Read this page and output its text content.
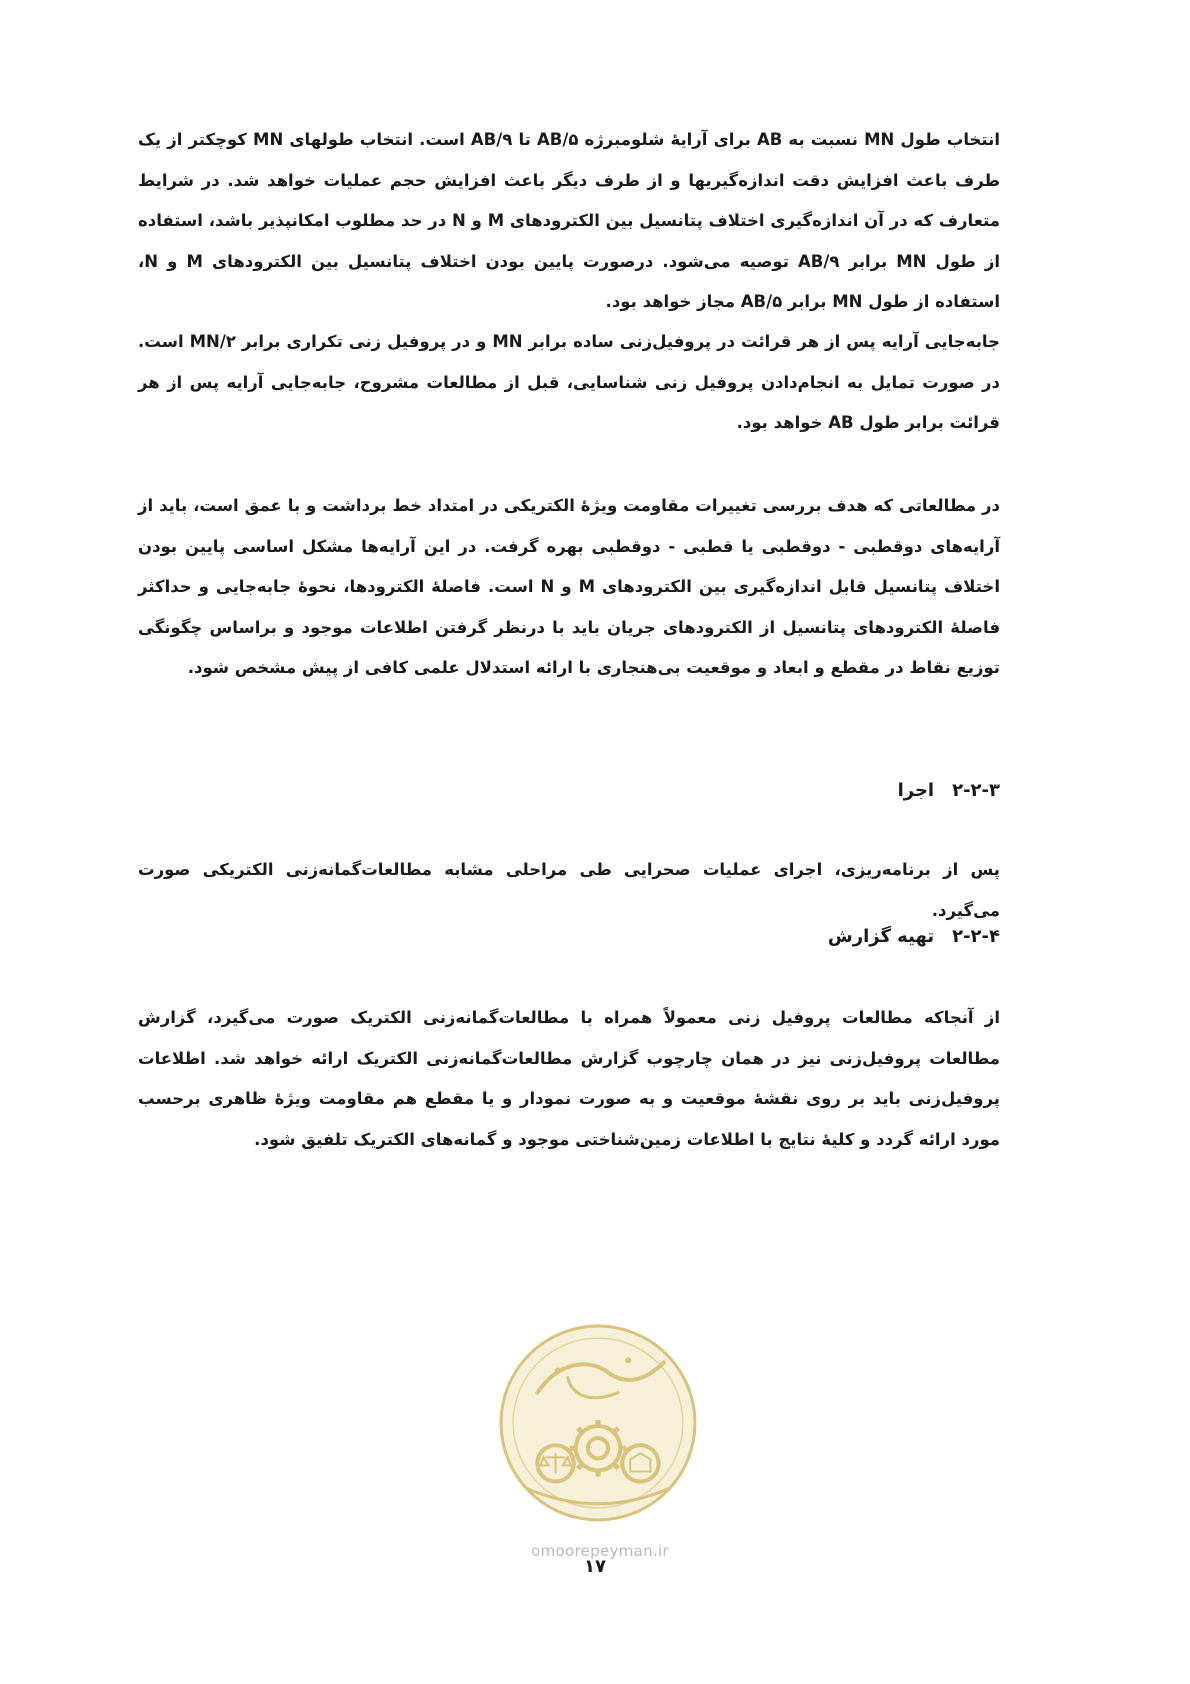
انتخاب طول MN نسبت به AB برای آرایهٔ شلومبرژه AB/۵ تا AB/۹ است. انتخاب طولهای MN کوچکتر از یک طرف باعث افزایش دقت اندازه‌گیریها و از طرف دیگر باعث افزایش حجم عملیات خواهد شد. در شرایط متعارف که در آن اندازه‌گیری اختلاف پتانسیل بین الکترودهای M و N در حد مطلوب امکانپذیر باشد، استفاده از طول MN برابر AB/۹ توصیه می‌شود. درصورت پایین بودن اختلاف پتانسیل بین الکترودهای M و N، استفاده از طول MN برابر AB/۵ مجاز خواهد بود.

جابه‌جایی آرایه پس از هر قرائت در پروفیل‌زنی ساده برابر MN و در پروفیل زنی تکراری برابر MN/۲ است. در صورت تمایل به انجام‌دادن پروفیل زنی شناسایی، قبل از مطالعات مشروح، جابه‌جایی آرایه پس از هر قرائت برابر طول AB خواهد بود.

در مطالعاتی که هدف بررسی تغییرات مقاومت ویژهٔ الکتریکی در امتداد خط برداشت و با عمق است، باید از آرایه‌های دوقطبی - دوقطبی یا قطبی - دوقطبی بهره گرفت. در این آرایه‌ها مشکل اساسی پایین بودن اختلاف پتانسیل قابل اندازه‌گیری بین الکترودهای M و N است. فاصلهٔ الکترودها، نحوهٔ جابه‌جایی و حداکثر فاصلهٔ الکترودهای پتانسیل از الکترودهای جریان باید با درنظر گرفتن اطلاعات موجود و براساس چگونگی توزیع نقاط در مقطع و ابعاد و موقعیت بی‌هنجاری با ارائه استدلال علمی کافی از پیش مشخص شود.

۲-۲-۳اجرا

پس از برنامه‌ریزی، اجرای عملیات صحرایی طی مراحلی مشابه مطالعات‌گمانه‌زنی الکتریکی صورت می‌گیرد.

۲-۲-۴تهیه گزارش

از آنجاکه مطالعات پروفیل زنی معمولاً همراه با مطالعات‌گمانه‌زنی الکتریک صورت می‌گیرد، گزارش مطالعات پروفیل‌زنی نیز در همان چارچوب گزارش مطالعات‌گمانه‌زنی الکتریک ارائه خواهد شد. اطلاعات پروفیل‌زنی باید بر روی نقشهٔ موقعیت و به صورت نمودار و یا مقطع هم مقاومت ویژهٔ ظاهری برحسب مورد ارائه گردد و کلیهٔ نتایج با اطلاعات زمین‌شناختی موجود و گمانه‌های الکتریک تلفیق شود.

omoorepeyman.ir
۱۷
